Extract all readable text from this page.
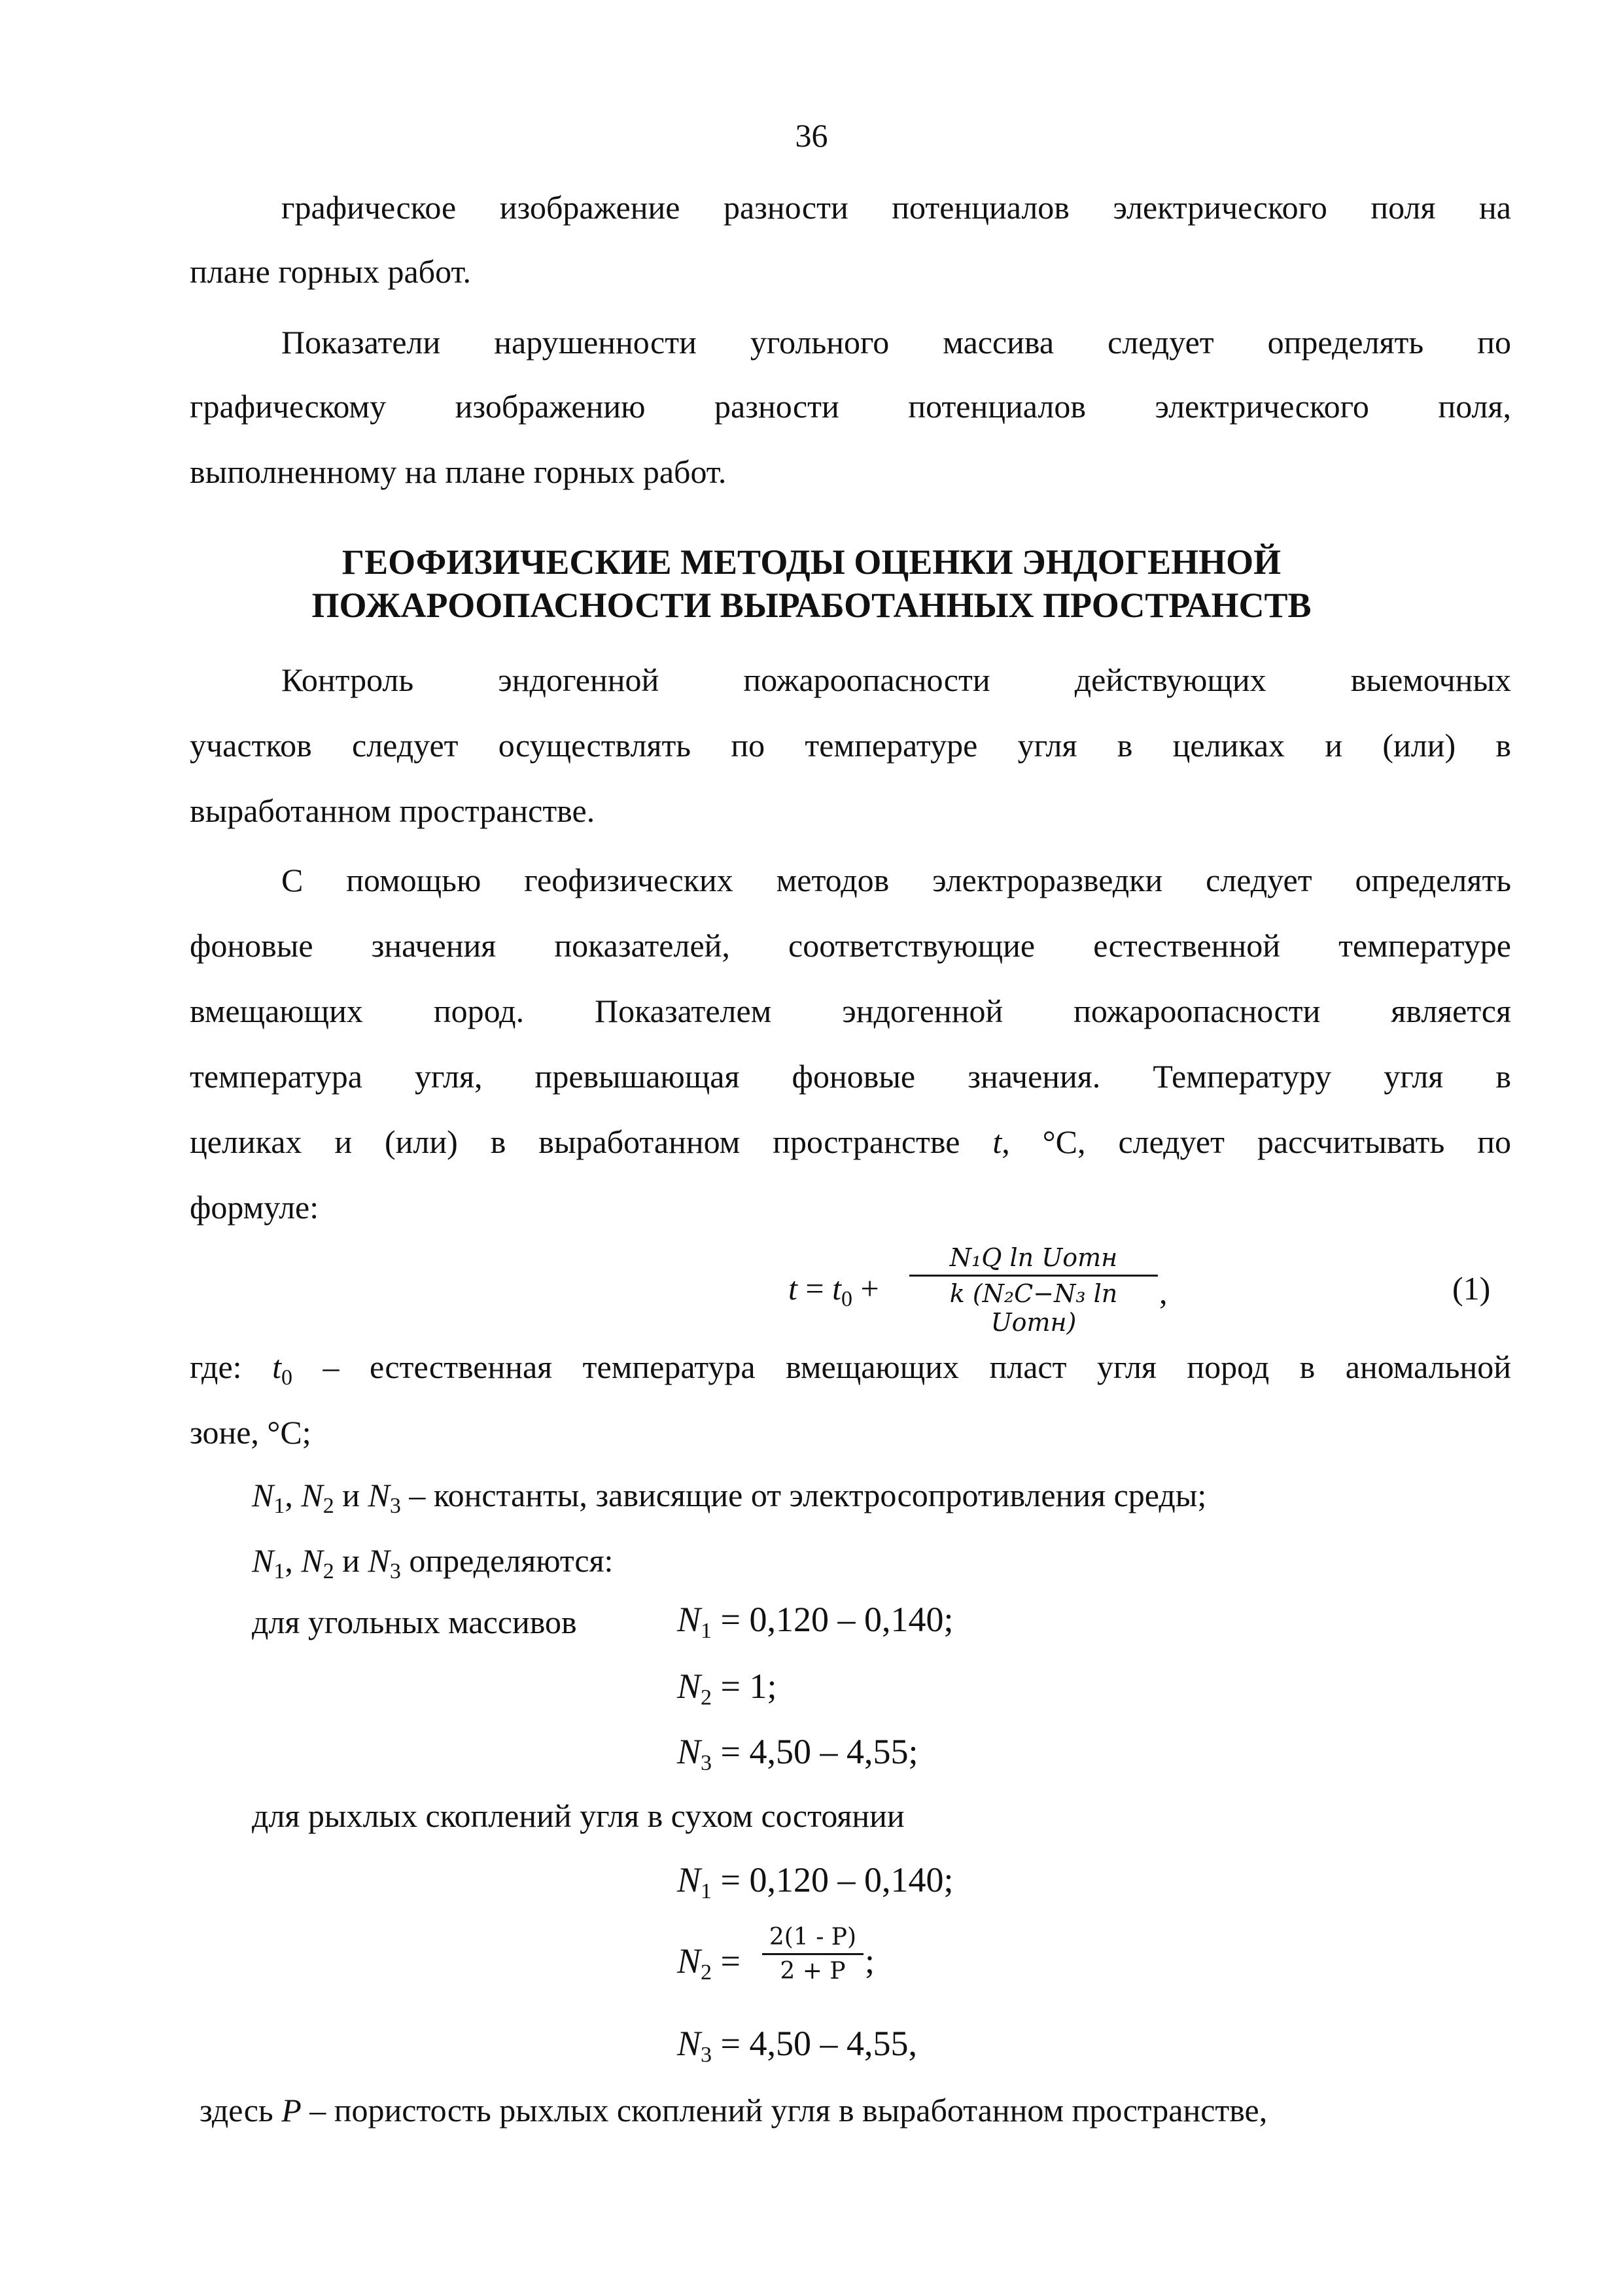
36
графическое изображение разности потенциалов электрического поля на
плане горных работ.
Показатели нарушенности угольного массива следует определять по
графическому изображению разности потенциалов электрического поля,
выполненному на плане горных работ.
ГЕОФИЗИЧЕСКИЕ МЕТОДЫ ОЦЕНКИ ЭНДОГЕННОЙ
ПОЖАРООПАСНОСТИ ВЫРАБОТАННЫХ ПРОСТРАНСТВ
Контроль эндогенной пожароопасности действующих выемочных
участков следует осуществлять по температуре угля в целиках и (или) в
выработанном пространстве.
С помощью геофизических методов электроразведки следует определять
фоновые значения показателей, соответствующие естественной температуре
вмещающих пород. Показателем эндогенной пожароопасности является
температура угля, превышающая фоновые значения. Температуру угля в
целиках и (или) в выработанном пространстве t, °C, следует рассчитывать по
формуле:
$t = t_0$ +
N₁Q ln Uотн
k (N₂C−N₃ ln Uотн)
,	(1)
где: $t_0$ – естественная температура вмещающих пласт угля пород в аномальной
зоне, °C;
$N_1$, $N_2$ и $N_3$ – константы, зависящие от электросопротивления среды;
$N_1$, $N_2$ и $N_3$ определяются:
для угольных массивов	$N_1 = 0,120 - 0,140$;
$N_2 = 1$;
$N_3 = 4,50 - 4,55$;
для рыхлых скоплений угля в сухом состоянии
$N_1 = 0,120 - 0,140$;
$N_2$ =
2(1 - P)
2 + P ;
$N_3 = 4,50 - 4,55$,
здесь P – пористость рыхлых скоплений угля в выработанном пространстве,
